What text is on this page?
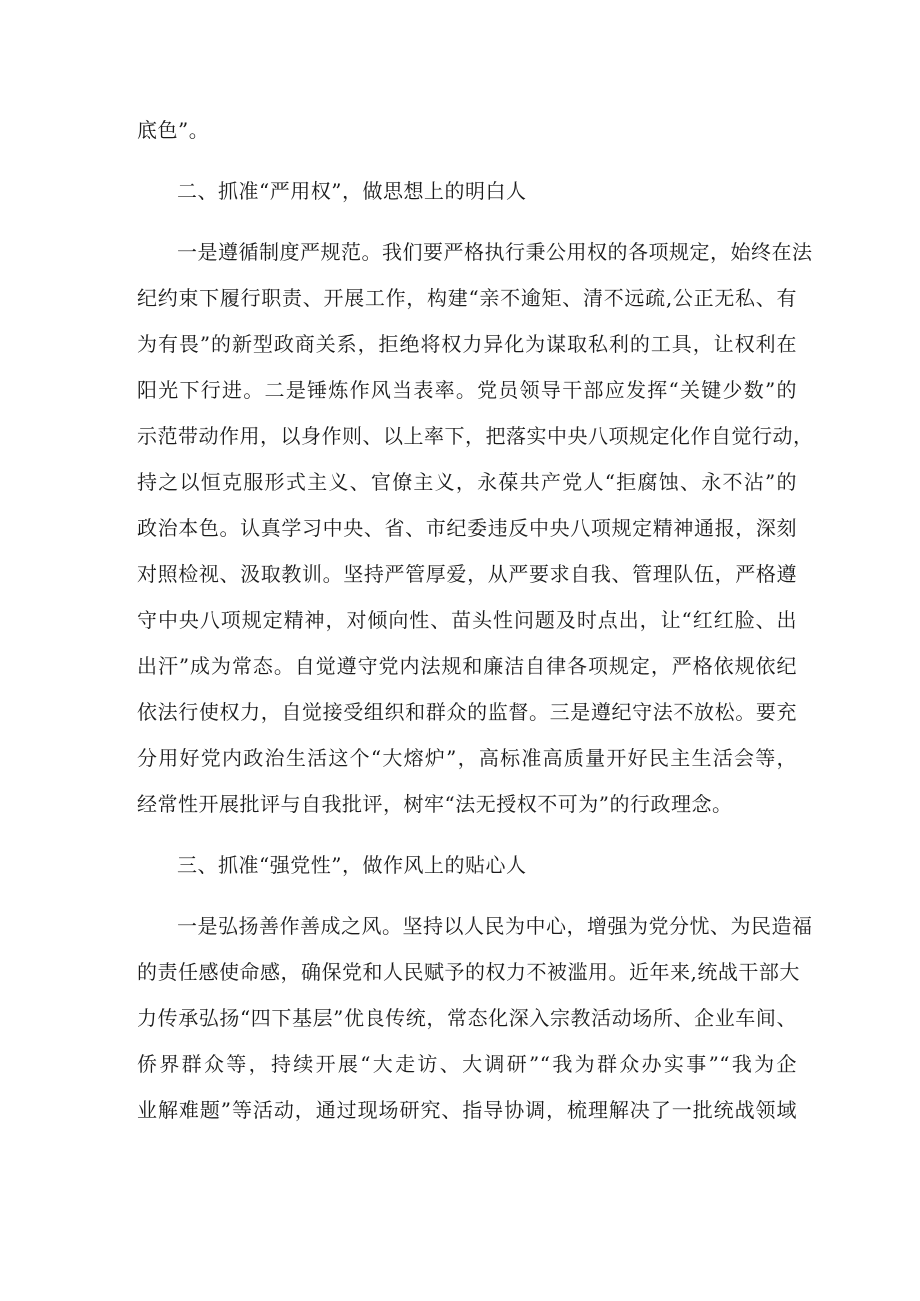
底色”。
二、抓准“严用权”，做思想上的明白人
一是遵循制度严规范。我们要严格执行秉公用权的各项规定，始终在法
纪约束下履行职责、开展工作，构建“亲不逾矩、清不远疏,公正无私、有
为有畏”的新型政商关系，拒绝将权力异化为谋取私利的工具，让权利在
阳光下行进。二是锤炼作风当表率。党员领导干部应发挥“关键少数”的
示范带动作用，以身作则、以上率下，把落实中央八项规定化作自觉行动，
持之以恒克服形式主义、官僚主义，永葆共产党人“拒腐蚀、永不沾”的
政治本色。认真学习中央、省、市纪委违反中央八项规定精神通报，深刻
对照检视、汲取教训。坚持严管厚爱，从严要求自我、管理队伍，严格遵
守中央八项规定精神，对倾向性、苗头性问题及时点出，让“红红脸、出
出汗”成为常态。自觉遵守党内法规和廉洁自律各项规定，严格依规依纪
依法行使权力，自觉接受组织和群众的监督。三是遵纪守法不放松。要充
分用好党内政治生活这个“大熔炉”，高标准高质量开好民主生活会等，
经常性开展批评与自我批评，树牢“法无授权不可为”的行政理念。
三、抓准“强党性”，做作风上的贴心人
一是弘扬善作善成之风。坚持以人民为中心，增强为党分忧、为民造福
的责任感使命感，确保党和人民赋予的权力不被滥用。近年来,统战干部大
力传承弘扬“四下基层”优良传统，常态化深入宗教活动场所、企业车间、
侨界群众等，持续开展“大走访、大调研”“我为群众办实事”“我为企
业解难题”等活动，通过现场研究、指导协调，梳理解决了一批统战领域
